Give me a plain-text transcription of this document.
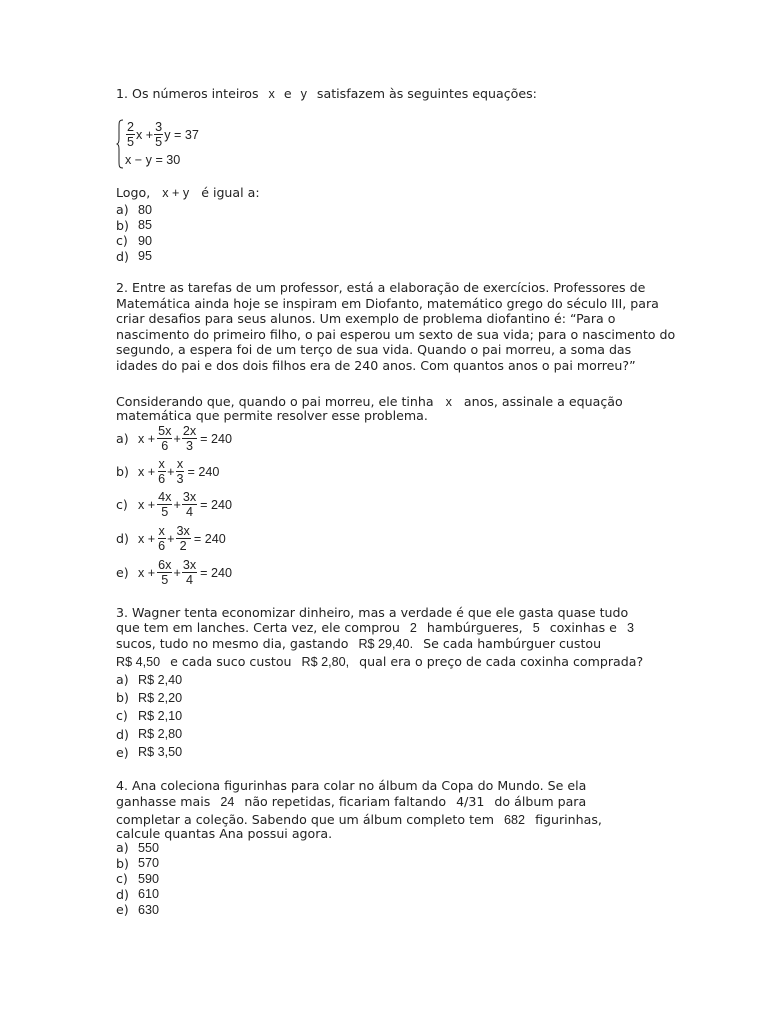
1. Os números inteiros x e y satisfazem às seguintes equações:
$\frac{2}{5}$ $x + \frac{3}{5}$ y = 37
x − y = 30
Logo, x + y é igual a:
a) 80
b) 85
c) 90
d) 95
2. Entre as tarefas de um professor, está a elaboração de exercícios. Professores de Matemática ainda hoje se inspiram em Diofanto, matemático grego do século III, para criar desafios para seus alunos. Um exemplo de problema diofantino é: “Para o nascimento do primeiro filho, o pai esperou um sexto de sua vida; para o nascimento do segundo, a espera foi de um terço de sua vida. Quando o pai morreu, a soma das idades do pai e dos dois filhos era de 240 anos. Com quantos anos o pai morreu?”
Considerando que, quando o pai morreu, ele tinha x anos, assinale a equação
matemática que permite resolver esse problema.
a) $x + \frac{5x}{6} + \frac{2x}{3} = 240$
b) $x + \frac{x}{6} + \frac{x}{3} = 240$
c) $x + \frac{4x}{5} + \frac{3x}{4} = 240$
d) $x + \frac{x}{6} + \frac{3x}{2} = 240$
e) $x + \frac{6x}{5} + \frac{3x}{4} = 240$
3. Wagner tenta economizar dinheiro, mas a verdade é que ele gasta quase tudo
que tem em lanches. Certa vez, ele comprou 2 hambúrgueres, 5 coxinhas e 3
sucos, tudo no mesmo dia, gastando R$ 29,40. Se cada hambúrguer custou
R$ 4,50 e cada suco custou R$ 2,80, qual era o preço de cada coxinha comprada?
a) R$ 2,40
b) R$ 2,20
c) R$ 2,10
d) R$ 2,80
e) R$ 3,50
4. Ana coleciona figurinhas para colar no álbum da Copa do Mundo. Se ela
ganhasse mais 24 não repetidas, ficariam faltando 4/31 do álbum para
completar a coleção. Sabendo que um álbum completo tem 682 figurinhas,
calcule quantas Ana possui agora.
a) 550
b) 570
c) 590
d) 610
e) 630
